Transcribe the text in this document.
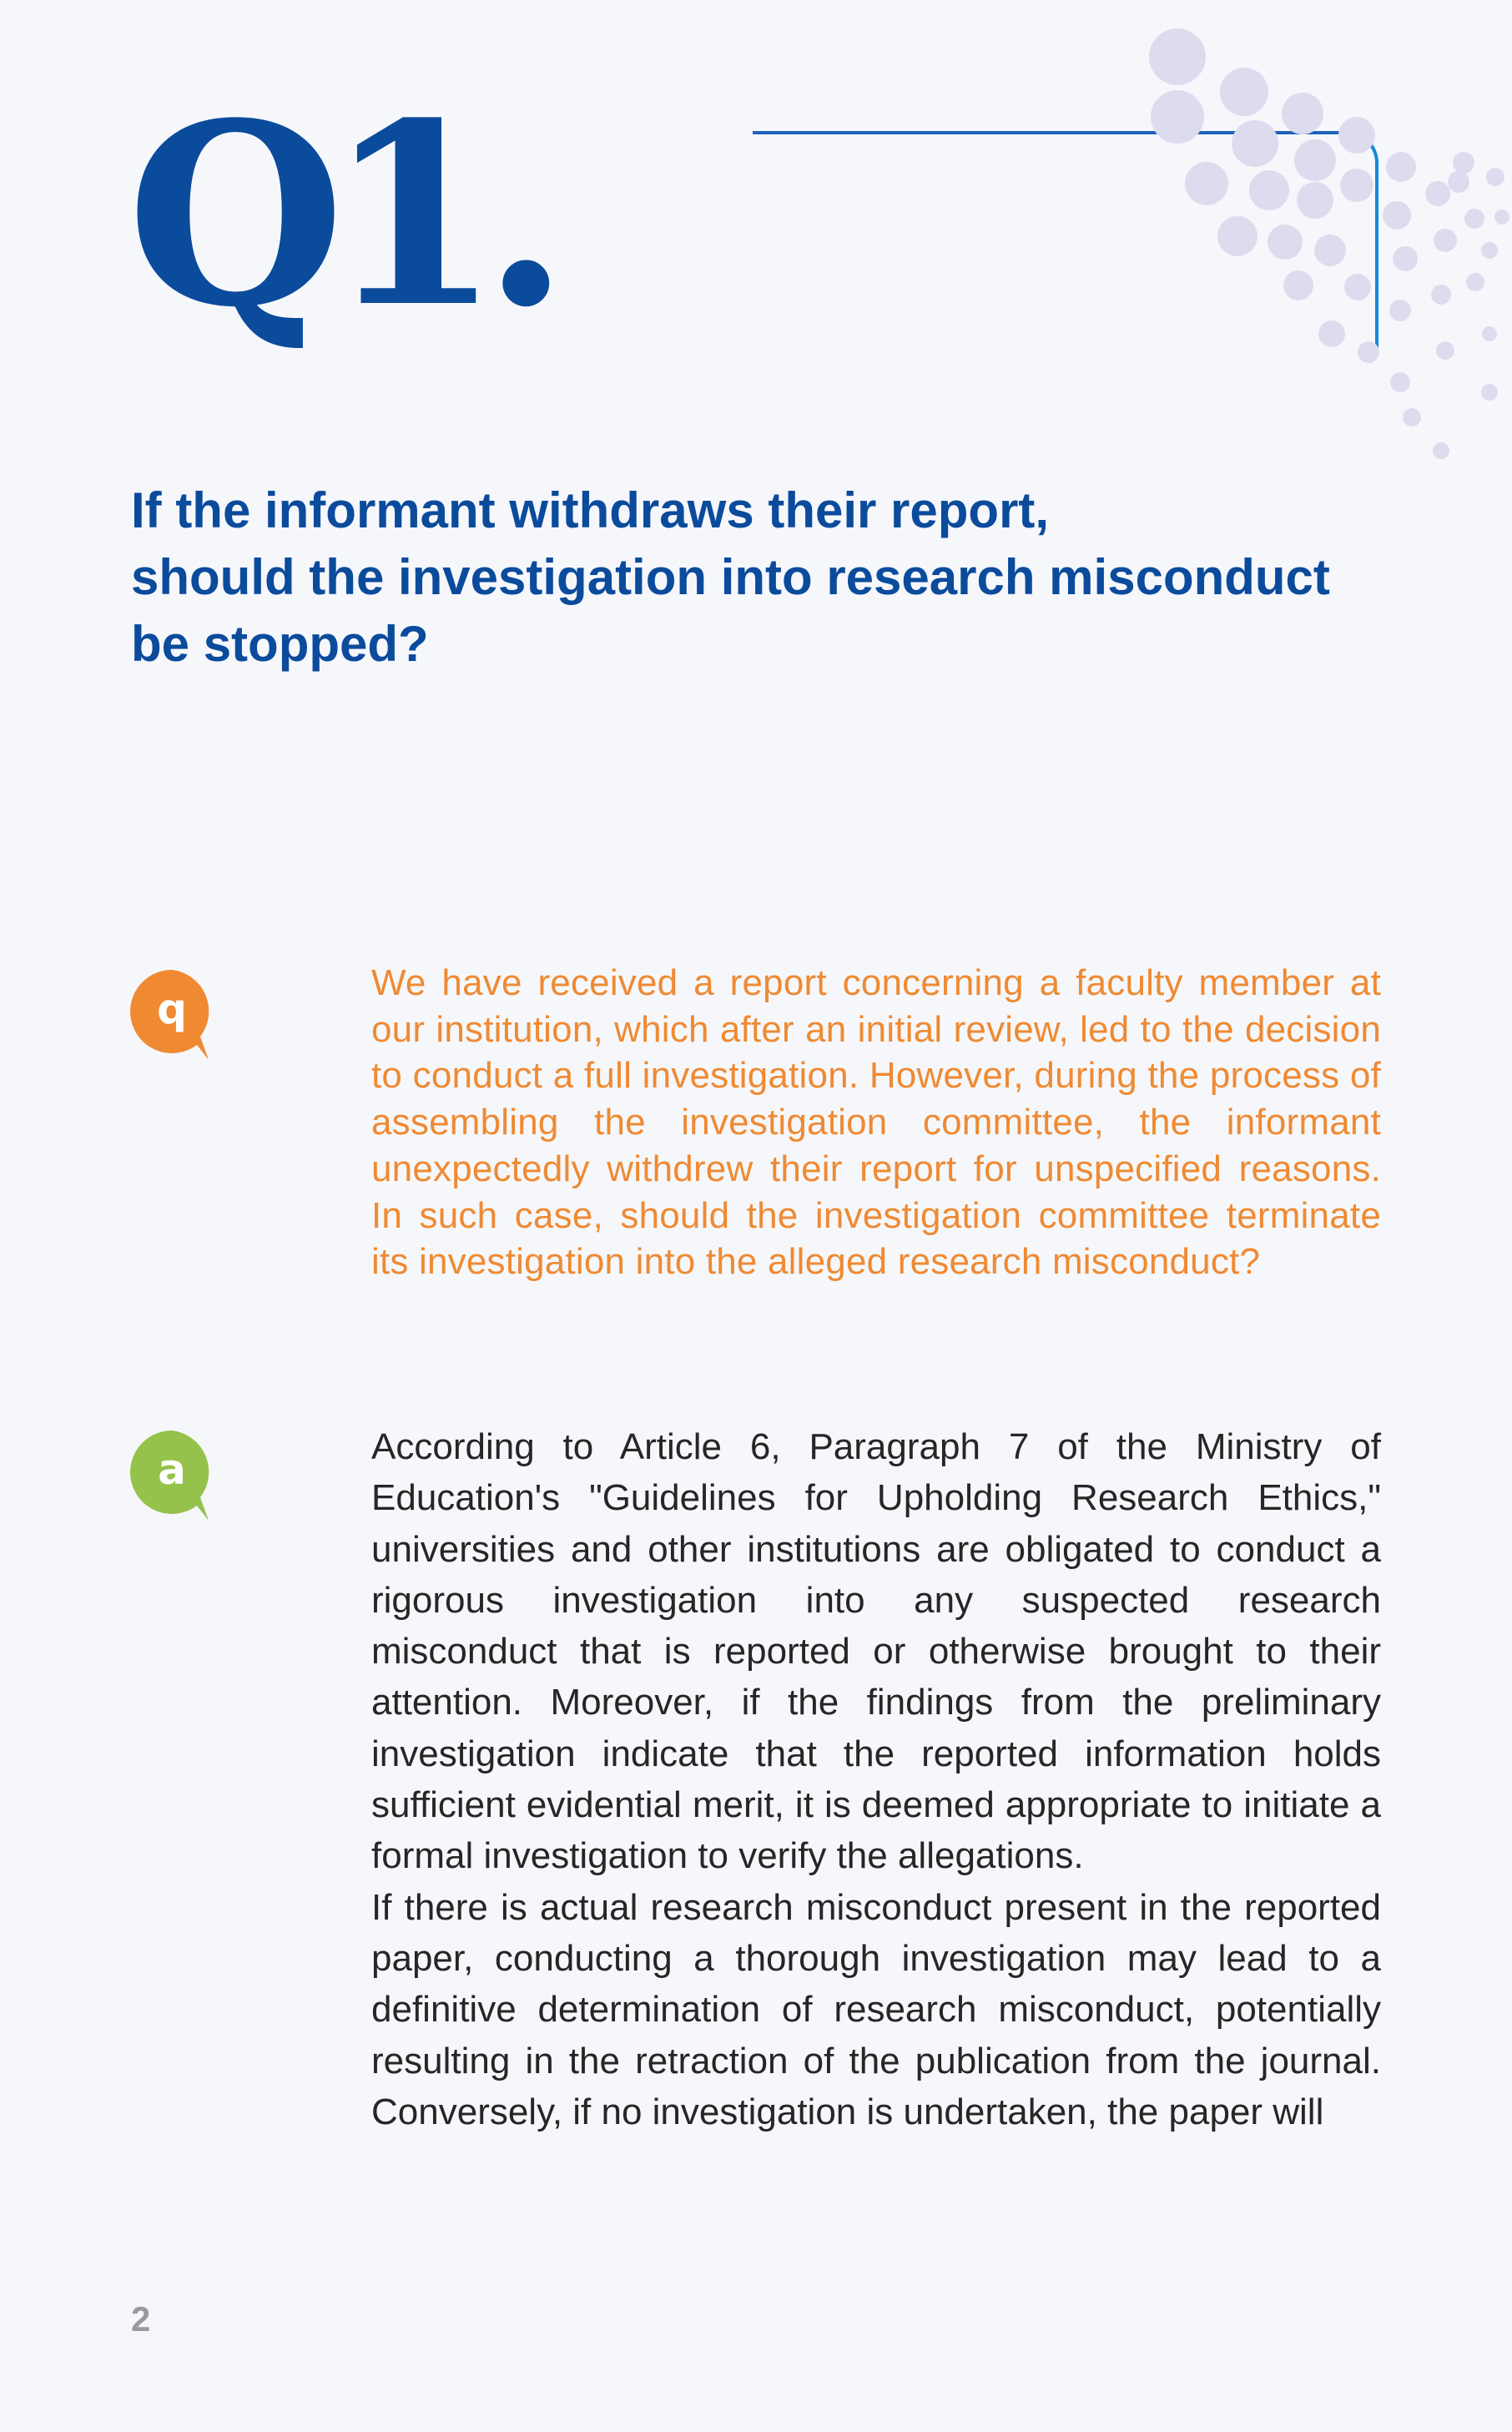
Q1.
If the informant withdraws their report,
should the investigation into research misconduct
be stopped?
q

We have received a report concerning a faculty member at our institution, which after an initial review, led to the decision to conduct a full investigation. However, during the process of assembling the investigation committee, the informant unexpectedly withdrew their report for unspecified reasons. In such case, should the investigation committee terminate its investigation into the alleged research misconduct?

a	According to Article 6, Paragraph 7 of the Ministry of Education's "Guidelines for Upholding Research Ethics," universities and other institutions are obligated to conduct a rigorous investigation into any suspected research misconduct that is reported or otherwise brought to their attention. Moreover, if the findings from the preliminary investigation indicate that the reported information holds sufficient evidential merit, it is deemed appropriate to initiate a formal investigation to verify the allegations.

If there is actual research misconduct present in the reported paper, conducting a thorough investigation may lead to a definitive determination of research misconduct, potentially resulting in the retraction of the publication from the journal. Conversely, if no investigation is undertaken, the paper will

2
